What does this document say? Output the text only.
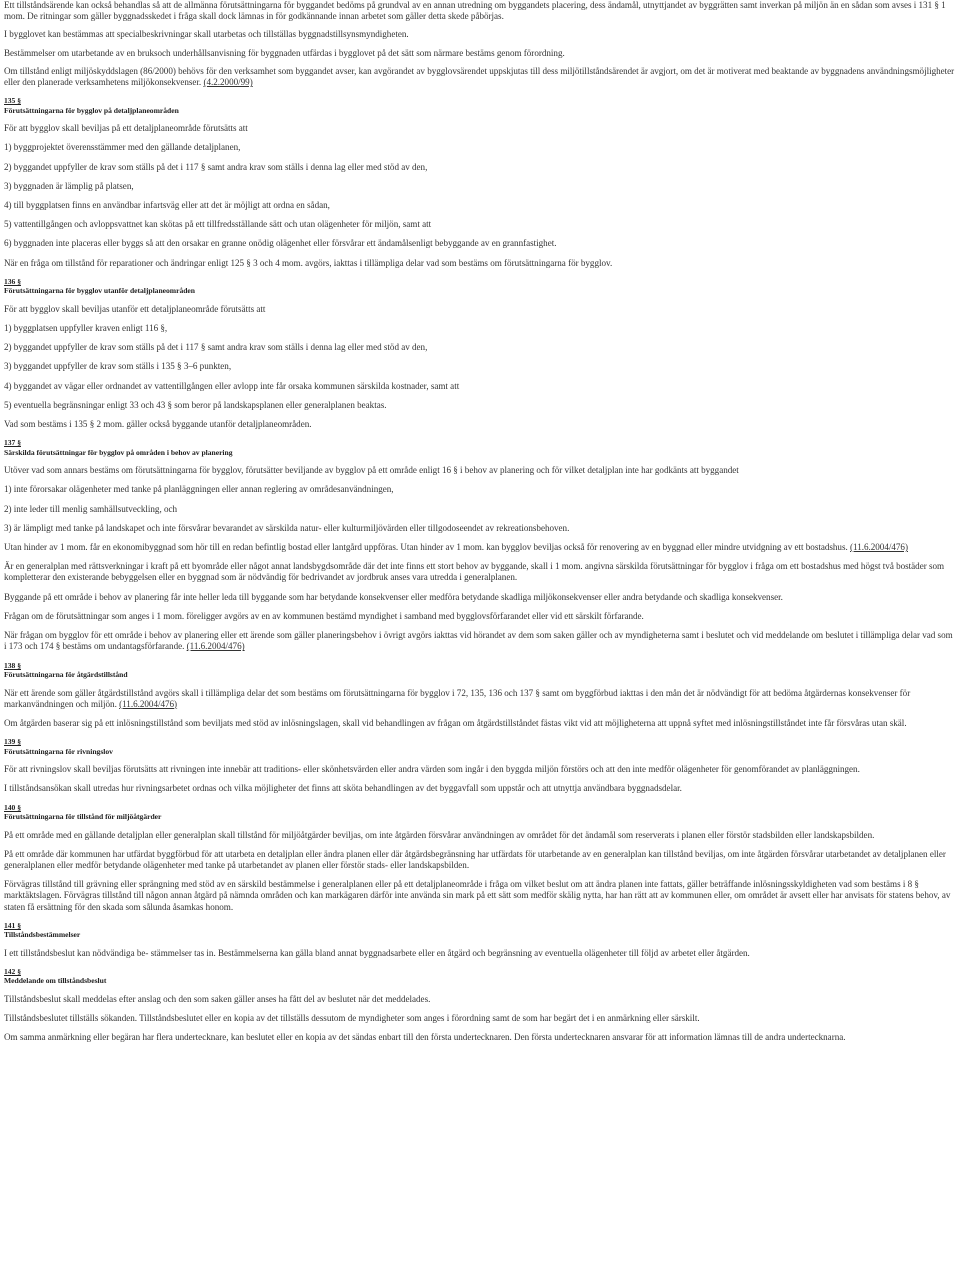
Ett tillståndsärende kan också behandlas så att de allmänna förutsättningarna för byggandet bedöms på grundval av en annan utredning om byggandets placering, dess ändamål, utnyttjandet av byggrätten samt inverkan på miljön än en sådan som avses i 131 § 1 mom. De ritningar som gäller byggnadsskedet i fråga skall dock lämnas in för godkännande innan arbetet som gäller detta skede påbörjas.

I bygglovet kan bestämmas att specialbeskrivningar skall utarbetas och tillställas byggnadstillsynsmyndigheten.

Bestämmelser om utarbetande av en bruksoch underhållsanvisning för byggnaden utfärdas i bygglovet på det sätt som närmare bestäms genom förordning.

Om tillstånd enligt miljöskyddslagen (86/2000) behövs för den verksamhet som byggandet avser, kan avgörandet av bygglovsärendet uppskjutas till dess miljötillståndsärendet är avgjort, om det är motiverat med beaktande av byggnadens användningsmöjligheter eller den planerade verksamhetens miljökonsekvenser. (4.2.2000/99)

135 §
Förutsättningarna för bygglov på detaljplaneområden

För att bygglov skall beviljas på ett detaljplaneområde förutsätts att

1) byggprojektet överensstämmer med den gällande detaljplanen,

2) byggandet uppfyller de krav som ställs på det i 117 § samt andra krav som ställs i denna lag eller med stöd av den,

3) byggnaden är lämplig på platsen,

4) till byggplatsen finns en användbar infartsväg eller att det är möjligt att ordna en sådan,

5) vattentillgången och avloppsvattnet kan skötas på ett tillfredsställande sätt och utan olägenheter för miljön, samt att

6) byggnaden inte placeras eller byggs så att den orsakar en granne onödig olägenhet eller försvårar ett ändamålsenligt bebyggande av en grannfastighet.

När en fråga om tillstånd för reparationer och ändringar enligt 125 § 3 och 4 mom. avgörs, iakttas i tillämpliga delar vad som bestäms om förutsättningarna för bygglov.

136 §
Förutsättningarna för bygglov utanför detaljplaneområden

För att bygglov skall beviljas utanför ett detaljplaneområde förutsätts att

1) byggplatsen uppfyller kraven enligt 116 §,

2) byggandet uppfyller de krav som ställs på det i 117 § samt andra krav som ställs i denna lag eller med stöd av den,

3) byggandet uppfyller de krav som ställs i 135 § 3–6 punkten,

4) byggandet av vägar eller ordnandet av vattentillgången eller avlopp inte får orsaka kommunen särskilda kostnader, samt att

5) eventuella begränsningar enligt 33 och 43 § som beror på landskapsplanen eller generalplanen beaktas.

Vad som bestäms i 135 § 2 mom. gäller också byggande utanför detaljplaneområden.

137 §
Särskilda förutsättningar för bygglov på områden i behov av planering

Utöver vad som annars bestäms om förutsättningarna för bygglov, förutsätter beviljande av bygglov på ett område enligt 16 § i behov av planering och för vilket detaljplan inte har godkänts att byggandet

1) inte förorsakar olägenheter med tanke på planläggningen eller annan reglering av områdesanvändningen,

2) inte leder till menlig samhällsutveckling, och

3) är lämpligt med tanke på landskapet och inte försvårar bevarandet av särskilda natur- eller kulturmiljövärden eller tillgodoseendet av rekreationsbehoven.

Utan hinder av 1 mom. får en ekonomibyggnad som hör till en redan befintlig bostad eller lantgård uppföras. Utan hinder av 1 mom. kan bygglov beviljas också för renovering av en byggnad eller mindre utvidgning av ett bostadshus. (11.6.2004/476)

Är en generalplan med rättsverkningar i kraft på ett byområde eller något annat landsbygdsområde där det inte finns ett stort behov av byggande, skall i 1 mom. angivna särskilda förutsättningar för bygglov i fråga om ett bostadshus med högst två bostäder som kompletterar den existerande bebyggelsen eller en byggnad som är nödvändig för bedrivandet av jordbruk anses vara utredda i generalplanen.

Byggande på ett område i behov av planering får inte heller leda till byggande som har betydande konsekvenser eller medföra betydande skadliga miljökonsekvenser eller andra betydande och skadliga konsekvenser.

Frågan om de förutsättningar som anges i 1 mom. föreligger avgörs av en av kommunen bestämd myndighet i samband med bygglovsförfarandet eller vid ett särskilt förfarande.

När frågan om bygglov för ett område i behov av planering eller ett ärende som gäller planeringsbehov i övrigt avgörs iakttas vid hörandet av dem som saken gäller och av myndigheterna samt i beslutet och vid meddelande om beslutet i tillämpliga delar vad som i 173 och 174 § bestäms om undantagsförfarande. (11.6.2004/476)

138 §
Förutsättningarna för åtgärdstillstånd

När ett ärende som gäller åtgärdstillstånd avgörs skall i tillämpliga delar det som bestäms om förutsättningarna för bygglov i 72, 135, 136 och 137 § samt om byggförbud iakttas i den mån det är nödvändigt för att bedöma åtgärdernas konsekvenser för markanvändningen och miljön. (11.6.2004/476)

Om åtgärden baserar sig på ett inlösningstillstånd som beviljats med stöd av inlösningslagen, skall vid behandlingen av frågan om åtgärdstillståndet fästas vikt vid att möjligheterna att uppnå syftet med inlösningstillståndet inte får försvåras utan skäl.

139 §
Förutsättningarna för rivningslov

För att rivningslov skall beviljas förutsätts att rivningen inte innebär att traditions- eller skönhetsvärden eller andra värden som ingår i den byggda miljön förstörs och att den inte medför olägenheter för genomförandet av planläggningen.

I tillståndsansökan skall utredas hur rivningsarbetet ordnas och vilka möjligheter det finns att sköta behandlingen av det byggavfall som uppstår och att utnyttja användbara byggnadsdelar.

140 §
Förutsättningarna för tillstånd för miljöåtgärder

På ett område med en gällande detaljplan eller generalplan skall tillstånd för miljöåtgärder beviljas, om inte åtgärden försvårar användningen av området för det ändamål som reserverats i planen eller förstör stadsbilden eller landskapsbilden.

På ett område där kommunen har utfärdat byggförbud för att utarbeta en detaljplan eller ändra planen eller där åtgärdsbegränsning har utfärdats för utarbetande av en generalplan kan tillstånd beviljas, om inte åtgärden försvårar utarbetandet av detaljplanen eller generalplanen eller medför betydande olägenheter med tanke på utarbetandet av planen eller förstör stads- eller landskapsbilden.

Förvägras tillstånd till grävning eller sprängning med stöd av en särskild bestämmelse i generalplanen eller på ett detaljplaneområde i fråga om vilket beslut om att ändra planen inte fattats, gäller beträffande inlösningsskyldigheten vad som bestäms i 8 § marktäktslagen. Förvägras tillstånd till någon annan åtgärd på nämnda områden och kan markägaren därför inte använda sin mark på ett sätt som medför skälig nytta, har han rätt att av kommunen eller, om området är avsett eller har anvisats för statens behov, av staten få ersättning för den skada som sålunda åsamkas honom.

141 §
Tillståndsbestämmelser

I ett tillståndsbeslut kan nödvändiga be- stämmelser tas in. Bestämmelserna kan gälla bland annat byggnadsarbete eller en åtgärd och begränsning av eventuella olägenheter till följd av arbetet eller åtgärden.

142 §
Meddelande om tillståndsbeslut

Tillståndsbeslut skall meddelas efter anslag och den som saken gäller anses ha fått del av beslutet när det meddelades.

Tillståndsbeslutet tillställs sökanden. Tillståndsbeslutet eller en kopia av det tillställs dessutom de myndigheter som anges i förordning samt de som har begärt det i en anmärkning eller särskilt.

Om samma anmärkning eller begäran har flera undertecknare, kan beslutet eller en kopia av det sändas enbart till den första undertecknaren. Den första undertecknaren ansvarar för att information lämnas till de andra undertecknarna.
